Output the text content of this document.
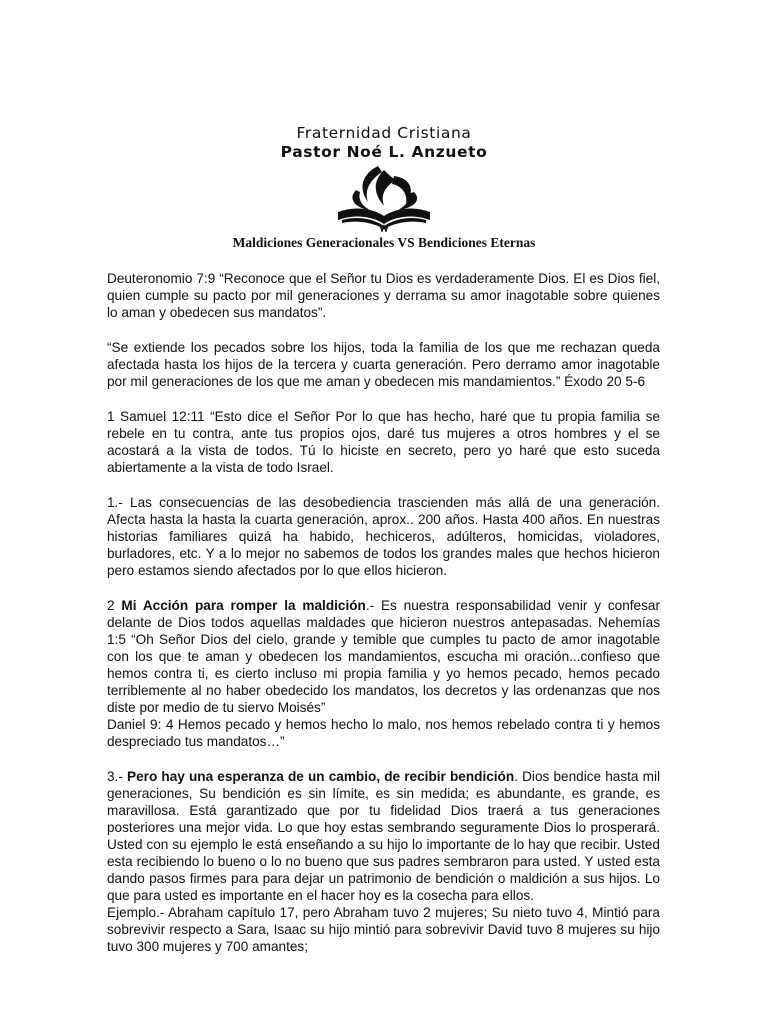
Fraternidad Cristiana
Pastor Noé L. Anzueto
Maldiciones Generacionales VS Bendiciones Eternas

Deuteronomio 7:9 “Reconoce que el Señor tu Dios es verdaderamente Dios. El es Dios fiel, quien cumple su pacto por mil generaciones y derrama su amor inagotable sobre quienes lo aman y obedecen sus mandatos”.

“Se extiende los pecados sobre los hijos, toda la familia de los que me rechazan queda afectada hasta los hijos de la tercera y cuarta generación. Pero derramo amor inagotable por mil generaciones de los que me aman y obedecen mis mandamientos.” Éxodo 20 5-6

1 Samuel 12:11 “Esto dice el Señor Por lo que has hecho, haré que tu propia familia se rebele en tu contra, ante tus propios ojos, daré tus mujeres a otros hombres y el se acostará a la vista de todos. Tú lo hiciste en secreto, pero yo haré que esto suceda abiertamente a la vista de todo Israel.

1.- Las consecuencias de las desobediencia trascienden más allá de una generación. Afecta hasta la hasta la cuarta generación, aprox.. 200 años. Hasta 400 años. En nuestras historias familiares quizá ha habido, hechiceros, adúlteros, homicidas, violadores, burladores, etc. Y a lo mejor no sabemos de todos los grandes males que hechos hicieron pero estamos siendo afectados por lo que ellos hicieron.

2 Mi Acción para romper la maldición.- Es nuestra responsabilidad venir y confesar delante de Dios todos aquellas maldades que hicieron nuestros antepasadas. Nehemías 1:5 “Oh Señor Dios del cielo, grande y temible que cumples tu pacto de amor inagotable con los que te aman y obedecen los mandamientos, escucha mi oración...confieso que hemos contra ti, es cierto incluso mi propia familia y yo hemos pecado, hemos pecado terriblemente al no haber obedecido los mandatos, los decretos y las ordenanzas que nos diste por medio de tu siervo Moisés”

Daniel 9: 4 Hemos pecado y hemos hecho lo malo, nos hemos rebelado contra ti y hemos despreciado tus mandatos…”

3.- Pero hay una esperanza de un cambio, de recibir bendición. Dios bendice hasta mil generaciones, Su bendición es sin límite, es sin medida; es abundante, es grande, es maravillosa. Está garantizado que por tu fidelidad Dios traerá a tus generaciones posteriores una mejor vida. Lo que hoy estas sembrando seguramente Dios lo prosperará. Usted con su ejemplo le está enseñando a su hijo lo importante de lo hay que recibir. Usted esta recibiendo lo bueno o lo no bueno que sus padres sembraron para usted. Y usted esta dando pasos firmes para para dejar un patrimonio de bendición o maldición a sus hijos. Lo que para usted es importante en el hacer hoy es la cosecha para ellos.

Ejemplo.- Abraham capítulo 17, pero Abraham tuvo 2 mujeres; Su nieto tuvo 4, Mintió para sobrevivir respecto a Sara, Isaac su hijo mintió para sobrevivir David tuvo 8 mujeres su hijo tuvo 300 mujeres y 700 amantes;
